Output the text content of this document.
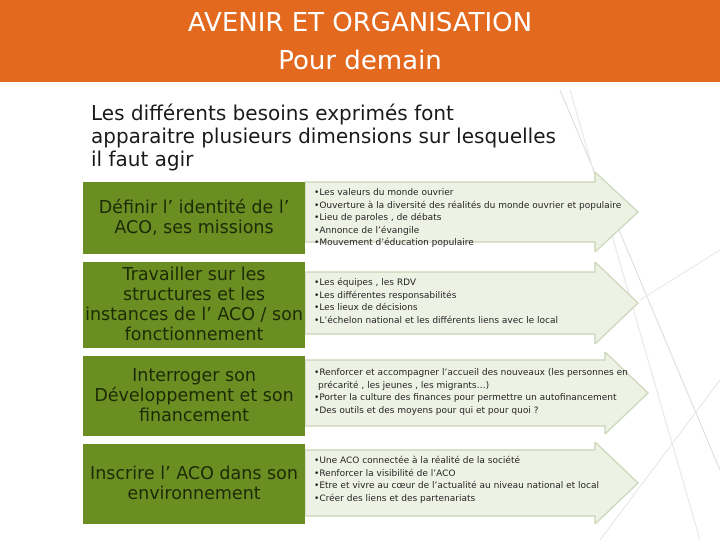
AVENIR ET ORGANISATION
Pour demain
Les différents besoins exprimés font apparaitre plusieurs dimensions sur lesquelles il faut agir
Définir l’ identité de l’ ACO, ses missions
Travailler sur les structures et les instances de l’ ACO / son fonctionnement
Interroger son Développement et son financement
Inscrire l’ ACO dans son environnement
• Les valeurs du monde ouvrier
• Ouverture à la diversité des réalités du monde ouvrier et populaire
• Lieu de paroles , de débats
• Annonce de l’évangile
• Mouvement d’éducation populaire
• Les équipes , les RDV
• Les différentes responsabilités
• Les lieux de décisions
• L’échelon national et les différents liens avec le local
• Renforcer et accompagner l’accueil des nouveaux (les personnes en précarité , les jeunes , les migrants…)
• Porter la culture des finances pour permettre un autofinancement
• Des outils et des moyens pour qui et pour quoi ?
• Une ACO connectée à la réalité de la société
• Renforcer la visibilité de l’ACO
• Etre et vivre au cœur de l’actualité au niveau national et local
• Créer des liens et des partenariats
